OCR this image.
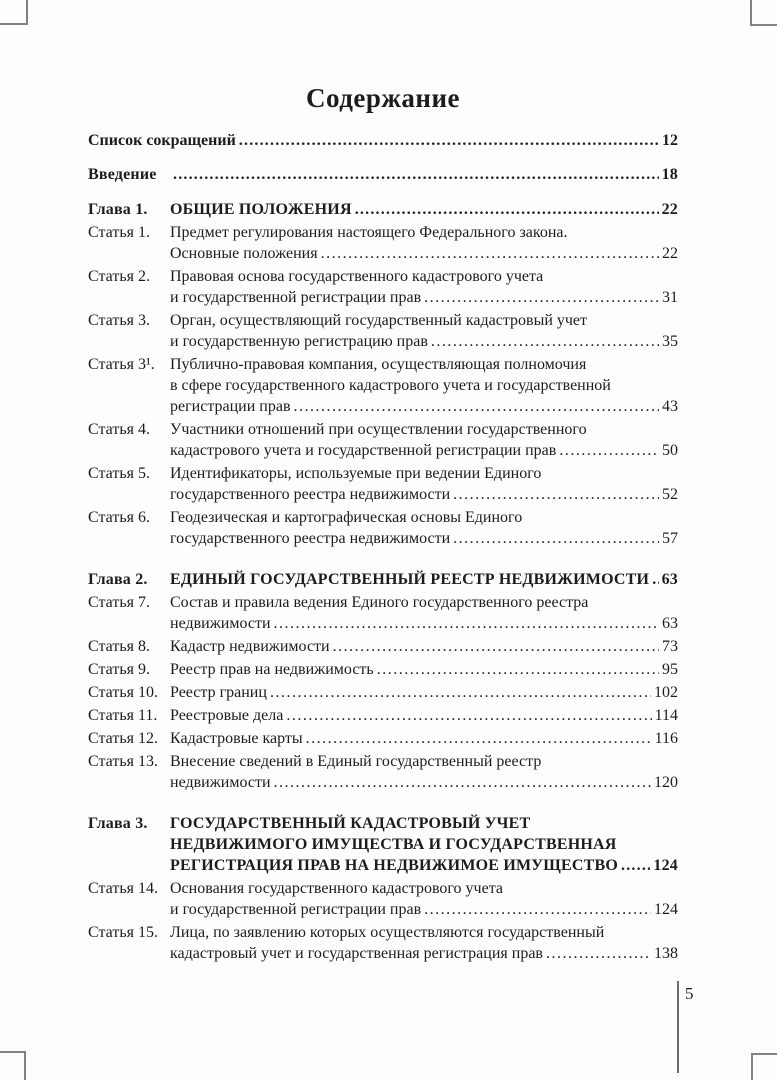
Содержание
Список сокращений .....	12
Введение .....	18
Глава 1.	ОБЩИЕ ПОЛОЖЕНИЯ .....	22
Статья 1.	Предмет регулирования настоящего Федерального закона.
Основные положения .....	22
Статья 2.	Правовая основа государственного кадастрового учета
и государственной регистрации прав .....	31
Статья 3.	Орган, осуществляющий государственный кадастровый учет
и государственную регистрацию прав .....	35
Статья 3¹. Публично-правовая компания, осуществляющая полномочия
в сфере государственного кадастрового учета и государственной
регистрации прав .....	43
Статья 4.	Участники отношений при осуществлении государственного
кадастрового учета и государственной регистрации прав .....	50
Статья 5.	Идентификаторы, используемые при ведении Единого
государственного реестра недвижимости .....	52
Статья 6.	Геодезическая и картографическая основы Единого
государственного реестра недвижимости .....	57
Глава 2.	ЕДИНЫЙ ГОСУДАРСТВЕННЫЙ РЕЕСТР НЕДВИЖИМОСТИ ..... 63
Статья 7.	Состав и правила ведения Единого государственного реестра
недвижимости .....	63
Статья 8.	Кадастр недвижимости .....	73
Статья 9.	Реестр прав на недвижимость .....	95
Статья 10. Реестр границ .....	102
Статья 11. Реестровые дела .....	114
Статья 12. Кадастровые карты .....	116
Статья 13. Внесение сведений в Единый государственный реестр
недвижимости .....	120
Глава 3.	ГОСУДАРСТВЕННЫЙ КАДАСТРОВЫЙ УЧЕТ
НЕДВИЖИМОГО ИМУЩЕСТВА И ГОСУДАРСТВЕННАЯ
РЕГИСТРАЦИЯ ПРАВ НА НЕДВИЖИМОЕ ИМУЩЕСТВО ..... 124
Статья 14. Основания государственного кадастрового учета
и государственной регистрации прав .....	124
Статья 15. Лица, по заявлению которых осуществляются государственный
кадастровый учет и государственная регистрация прав .....	138
5
